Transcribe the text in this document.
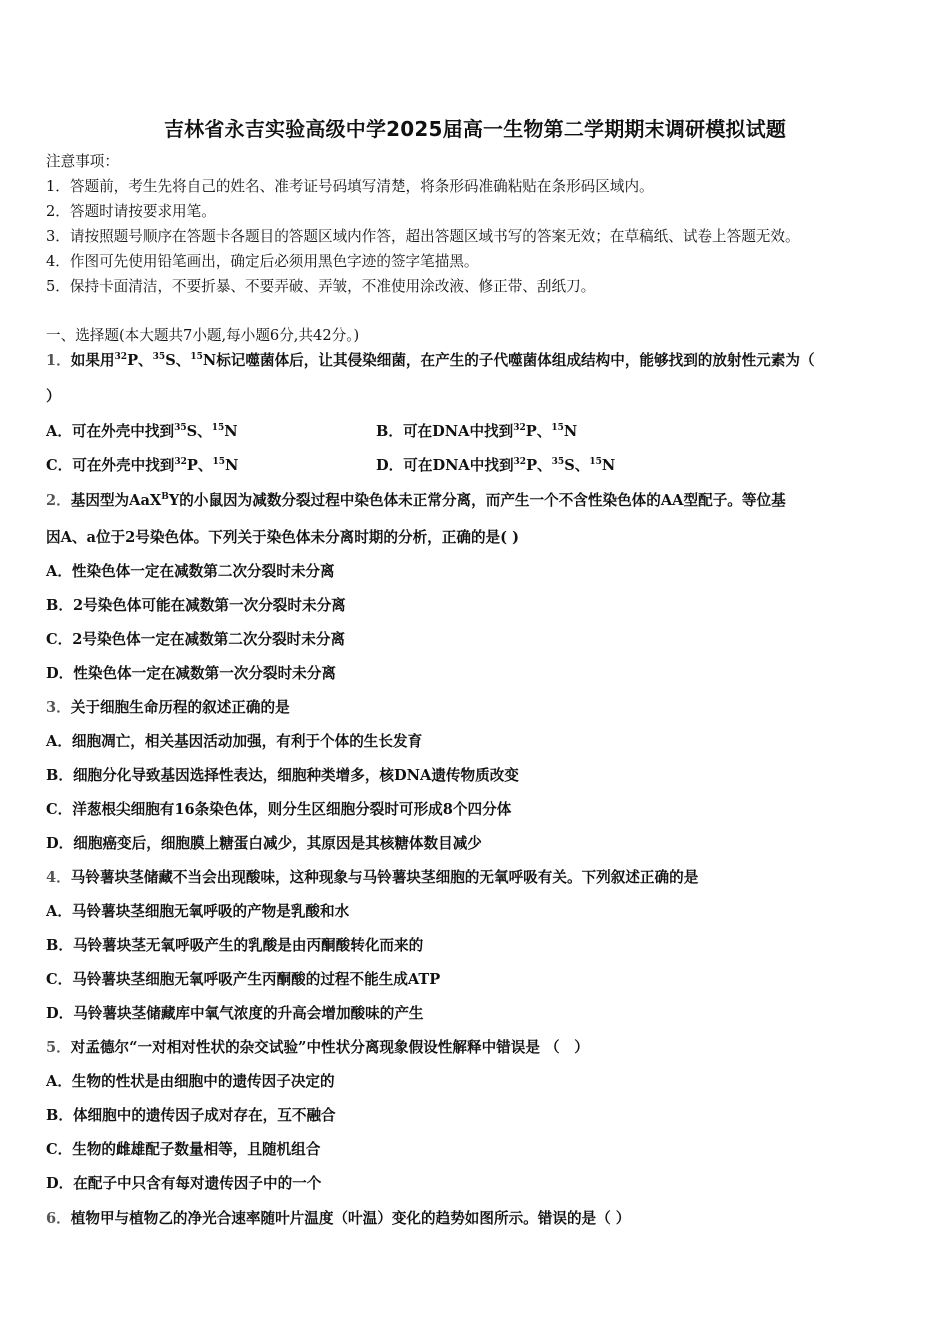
吉林省永吉实验高级中学2025届高一生物第二学期期末调研模拟试题
注意事项：
1．答题前，考生先将自己的姓名、准考证号码填写清楚，将条形码准确粘贴在条形码区域内。
2．答题时请按要求用笔。
3．请按照题号顺序在答题卡各题目的答题区域内作答，超出答题区域书写的答案无效；在草稿纸、试卷上答题无效。
4．作图可先使用铅笔画出，确定后必须用黑色字迹的签字笔描黑。
5．保持卡面清洁，不要折暴、不要弄破、弄皱，不准使用涂改液、修正带、刮纸刀。
一、选择题(本大题共7小题,每小题6分,共42分。)
1．如果用$^{32}$P、$^{35}$S、$^{15}$N标记噬菌体后，让其侵染细菌，在产生的子代噬菌体组成结构中，能够找到的放射性元素为（
）
A．可在外壳中找到$^{35}$S、$^{15}$N	B．可在DNA中找到$^{32}$P、$^{15}$N
C．可在外壳中找到$^{32}$P、$^{15}$N	D．可在DNA中找到$^{32}$P、$^{35}$S、$^{15}$N
2．基因型为AaX$^B$Y的小鼠因为减数分裂过程中染色体未正常分离，而产生一个不含性染色体的AA型配子。等位基
因A、a位于2号染色体。下列关于染色体未分离时期的分析，正确的是( )
A．性染色体一定在减数第二次分裂时未分离
B．2号染色体可能在减数第一次分裂时未分离
C．2号染色体一定在减数第二次分裂时未分离
D．性染色体一定在减数第一次分裂时未分离
3．关于细胞生命历程的叙述正确的是
A．细胞凋亡，相关基因活动加强，有利于个体的生长发育
B．细胞分化导致基因选择性表达，细胞种类增多，核DNA遗传物质改变
C．洋葱根尖细胞有16条染色体，则分生区细胞分裂时可形成8个四分体
D．细胞癌变后，细胞膜上糖蛋白减少，其原因是其核糖体数目减少
4．马铃薯块茎储藏不当会出现酸味，这种现象与马铃薯块茎细胞的无氧呼吸有关。下列叙述正确的是
A．马铃薯块茎细胞无氧呼吸的产物是乳酸和水
B．马铃薯块茎无氧呼吸产生的乳酸是由丙酮酸转化而来的
C．马铃薯块茎细胞无氧呼吸产生丙酮酸的过程不能生成ATP
D．马铃薯块茎储藏库中氧气浓度的升高会增加酸味的产生
5．对孟德尔“一对相对性状的杂交试验”中性状分离现象假设性解释中错误是 （　）
A．生物的性状是由细胞中的遗传因子决定的
B．体细胞中的遗传因子成对存在，互不融合
C．生物的雌雄配子数量相等，且随机组合
D．在配子中只含有每对遗传因子中的一个
6．植物甲与植物乙的净光合速率随叶片温度（叶温）变化的趋势如图所示。错误的是（ ）
